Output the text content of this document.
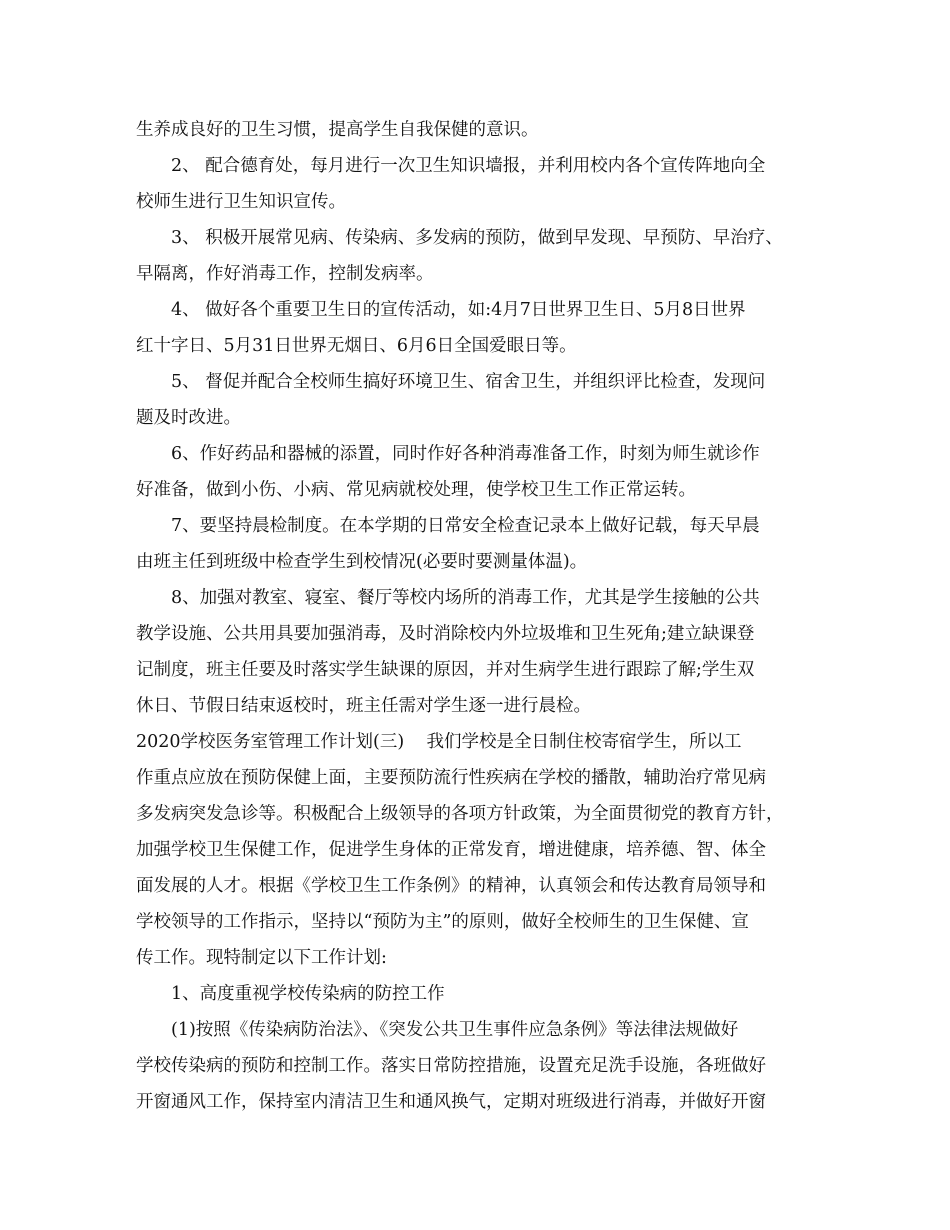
生养成良好的卫生习惯，提高学生自我保健的意识。
2、 配合德育处，每月进行一次卫生知识墙报，并利用校内各个宣传阵地向全
校师生进行卫生知识宣传。
3、 积极开展常见病、传染病、多发病的预防，做到早发现、早预防、早治疗、
早隔离，作好消毒工作，控制发病率。
4、 做好各个重要卫生日的宣传活动，如:4月7日世界卫生日、5月8日世界
红十字日、5月31日世界无烟日、6月6日全国爱眼日等。
5、 督促并配合全校师生搞好环境卫生、宿舍卫生，并组织评比检查，发现问
题及时改进。
6、作好药品和器械的添置，同时作好各种消毒准备工作，时刻为师生就诊作
好准备，做到小伤、小病、常见病就校处理，使学校卫生工作正常运转。
7、要坚持晨检制度。在本学期的日常安全检查记录本上做好记载，每天早晨
由班主任到班级中检查学生到校情况(必要时要测量体温)。
8、加强对教室、寝室、餐厅等校内场所的消毒工作，尤其是学生接触的公共
教学设施、公共用具要加强消毒，及时消除校内外垃圾堆和卫生死角;建立缺课登
记制度，班主任要及时落实学生缺课的原因，并对生病学生进行跟踪了解;学生双
休日、节假日结束返校时，班主任需对学生逐一进行晨检。
2020学校医务室管理工作计划(三)    我们学校是全日制住校寄宿学生，所以工
作重点应放在预防保健上面，主要预防流行性疾病在学校的播散，辅助治疗常见病
多发病突发急诊等。积极配合上级领导的各项方针政策，为全面贯彻党的教育方针，
加强学校卫生保健工作，促进学生身体的正常发育，增进健康，培养德、智、体全
面发展的人才。根据《学校卫生工作条例》的精神，认真领会和传达教育局领导和
学校领导的工作指示，坚持以“预防为主”的原则，做好全校师生的卫生保健、宣
传工作。现特制定以下工作计划:
1、高度重视学校传染病的防控工作
(1)按照《传染病防治法》、《突发公共卫生事件应急条例》等法律法规做好
学校传染病的预防和控制工作。落实日常防控措施，设置充足洗手设施，各班做好
开窗通风工作，保持室内清洁卫生和通风换气，定期对班级进行消毒，并做好开窗
